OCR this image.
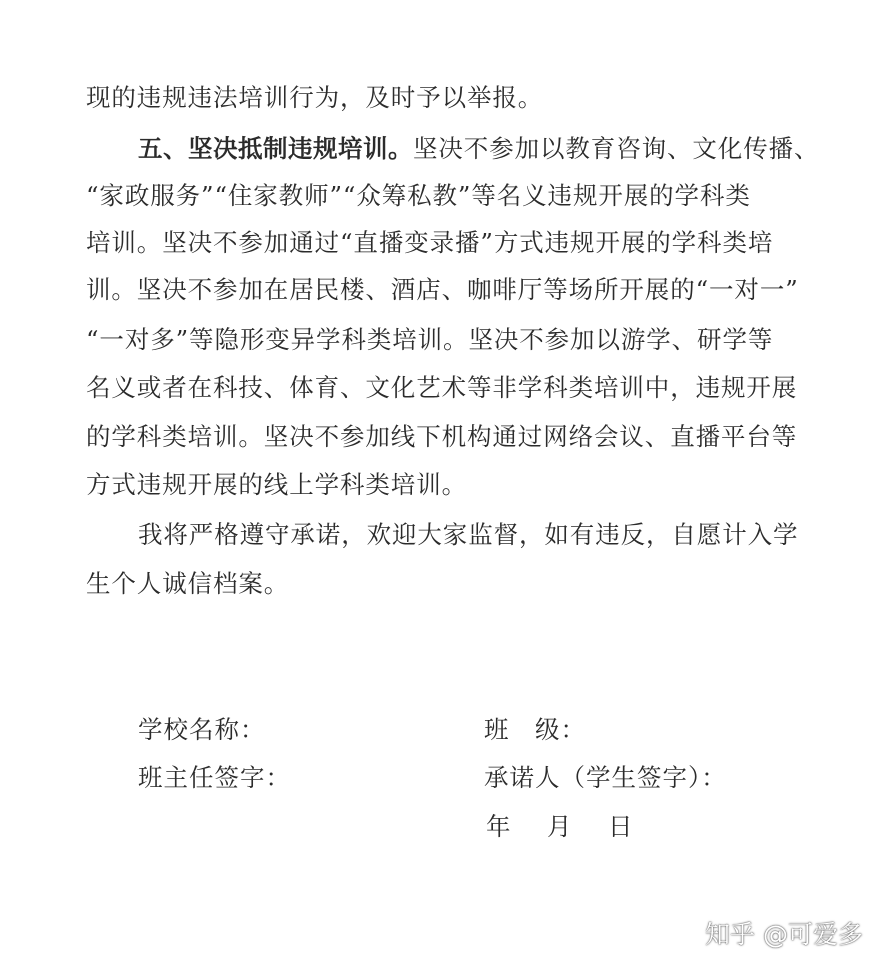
现的违规违法培训行为，及时予以举报。
五、坚决抵制违规培训。坚决不参加以教育咨询、文化传播、
“家政服务”“住家教师”“众筹私教”等名义违规开展的学科类
培训。坚决不参加通过“直播变录播”方式违规开展的学科类培
训。坚决不参加在居民楼、酒店、咖啡厅等场所开展的“一对一”
“一对多”等隐形变异学科类培训。坚决不参加以游学、研学等
名义或者在科技、体育、文化艺术等非学科类培训中，违规开展
的学科类培训。坚决不参加线下机构通过网络会议、直播平台等
方式违规开展的线上学科类培训。
我将严格遵守承诺，欢迎大家监督，如有违反，自愿计入学
生个人诚信档案。
学校名称：	班　级：
班主任签字：	承诺人（学生签字）：
年　月　日
知乎 @可爱多
